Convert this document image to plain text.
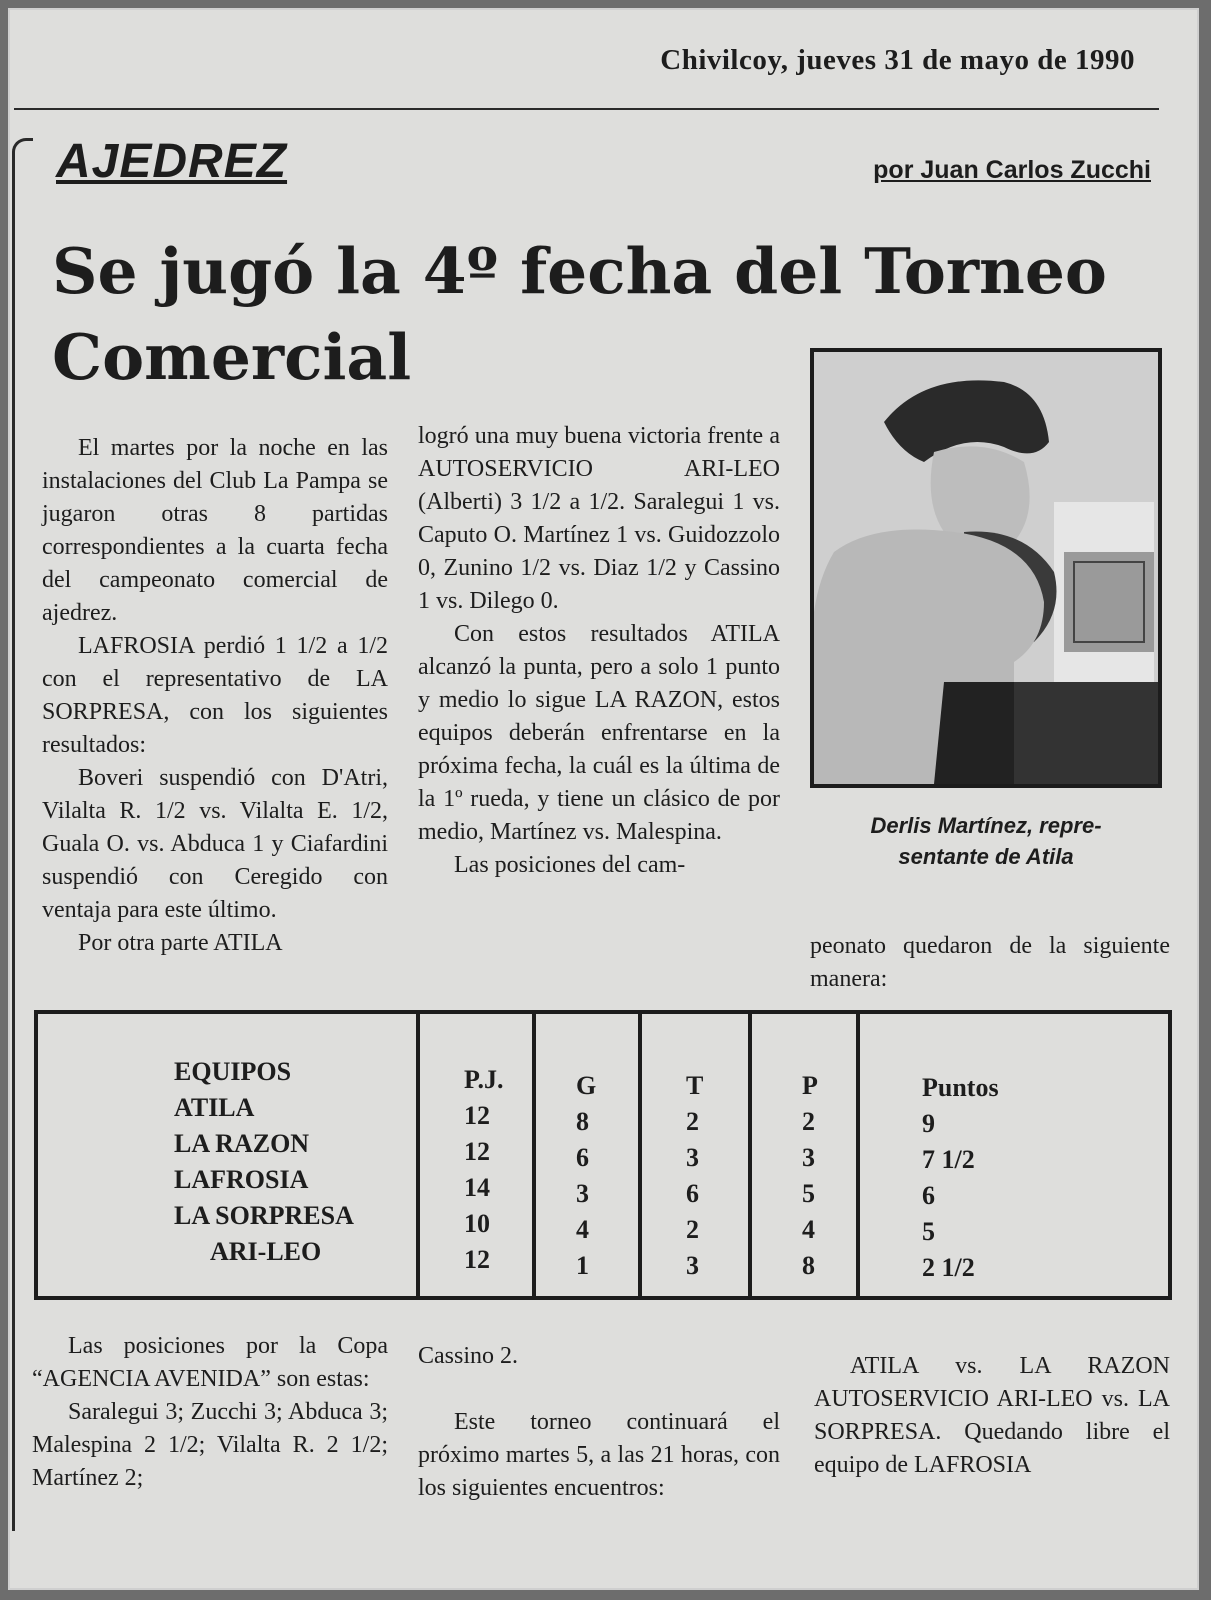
Chivilcoy, jueves 31 de mayo de 1990
AJEDREZ	por Juan Carlos Zucchi
Se jugó la 4º fecha del Torneo
Comercial
Derlis Martínez, repre-
sentante de Atila

El martes por la noche en las instalaciones del Club La Pampa se jugaron otras 8 partidas correspondientes a la cuarta fecha del campeonato comercial de ajedrez.

LAFROSIA perdió 1 1/2 a 1/2 con el representativo de LA SORPRESA, con los siguientes resultados:

Boveri suspendió con D'Atri, Vilalta R. 1/2 vs. Vilalta E. 1/2, Guala O. vs. Abduca 1 y Ciafardini suspendió con Ceregido con ventaja para este último.

Por otra parte ATILA

logró una muy buena victoria frente a AUTOSERVICIO ARI-LEO (Alberti) 3 1/2 a 1/2. Saralegui 1 vs. Caputo O. Martínez 1 vs. Guidozzolo 0, Zunino 1/2 vs. Diaz 1/2 y Cassino 1 vs. Dilego 0.

Con estos resultados ATILA alcanzó la punta, pero a solo 1 punto y medio lo sigue LA RAZON, estos equipos deberán enfrentarse en la próxima fecha, la cuál es la última de la 1º rueda, y tiene un clásico de por medio, Martínez vs. Malespina.

Las posiciones del cam-

peonato quedaron de la siguiente manera:

EQUIPOS
ATILA
LA RAZON
LAFROSIA
LA SORPRESA
ARI-LEO
P.J.
12
12
14
10
12
G
8
6
3
4
1
T
2
3
6
2
3
P
2
3
5
4
8
Puntos
9
7 1/2
6
5
2 1/2

Las posiciones por la Copa “AGENCIA AVENIDA” son estas:

Saralegui 3; Zucchi 3; Abduca 3; Malespina 2 1/2; Vilalta R. 2 1/2; Martínez 2;

Cassino 2.

Este torneo continuará el próximo martes 5, a las 21 horas, con los siguientes encuentros:

ATILA vs. LA RAZON AUTOSERVICIO ARI-LEO vs. LA SORPRESA. Quedando libre el equipo de LAFROSIA
